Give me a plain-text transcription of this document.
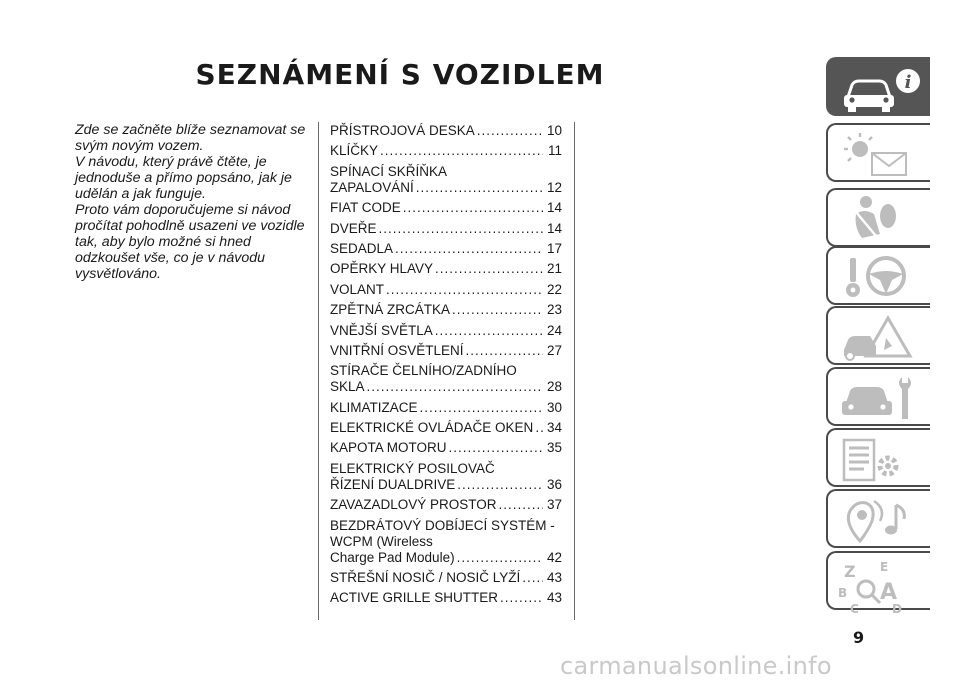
SEZNÁMENÍ S VOZIDLEM

Zde se začněte blíže seznamovat se svým novým vozem.

V návodu, který právě čtěte, je jednoduše a přímo popsáno, jak je udělán a jak funguje.

Proto vám doporučujeme si návod pročítat pohodlně usazeni ve vozidle tak, aby bylo možné si hned odzkoušet vše, co je v návodu vysvětlováno.

PŘÍSTROJOVÁ DESKA .....	10
KLÍČKY .....	11
SPÍNACÍ SKŘÍŇKA
ZAPALOVÁNÍ .....	12
FIAT CODE .....	14
DVEŘE .....	14
SEDADLA .....	17
OPĚRKY HLAVY .....	21
VOLANT .....	22
ZPĚTNÁ ZRCÁTKA .....	23
VNĚJŠÍ SVĚTLA .....	24
VNITŘNÍ OSVĚTLENÍ .....	27
STÍRAČE ČELNÍHO/ZADNÍHO
SKLA .....	28
KLIMATIZACE .....	30
ELEKTRICKÉ OVLÁDAČE OKEN ..... 34
KAPOTA MOTORU .....	35
ELEKTRICKÝ POSILOVAČ
ŘÍZENÍ DUALDRIVE .....	36
ZAVAZADLOVÝ PROSTOR .....	37
BEZDRÁTOVÝ DOBÍJECÍ SYSTÉM - WCPM (Wireless
Charge Pad Module) .....	42
STŘEŠNÍ NOSIČ / NOSIČ LYŽÍ ..... 43
ACTIVE GRILLE SHUTTER .....	43
i
Z E
B A
C	D
9
carmanualsonline.info
